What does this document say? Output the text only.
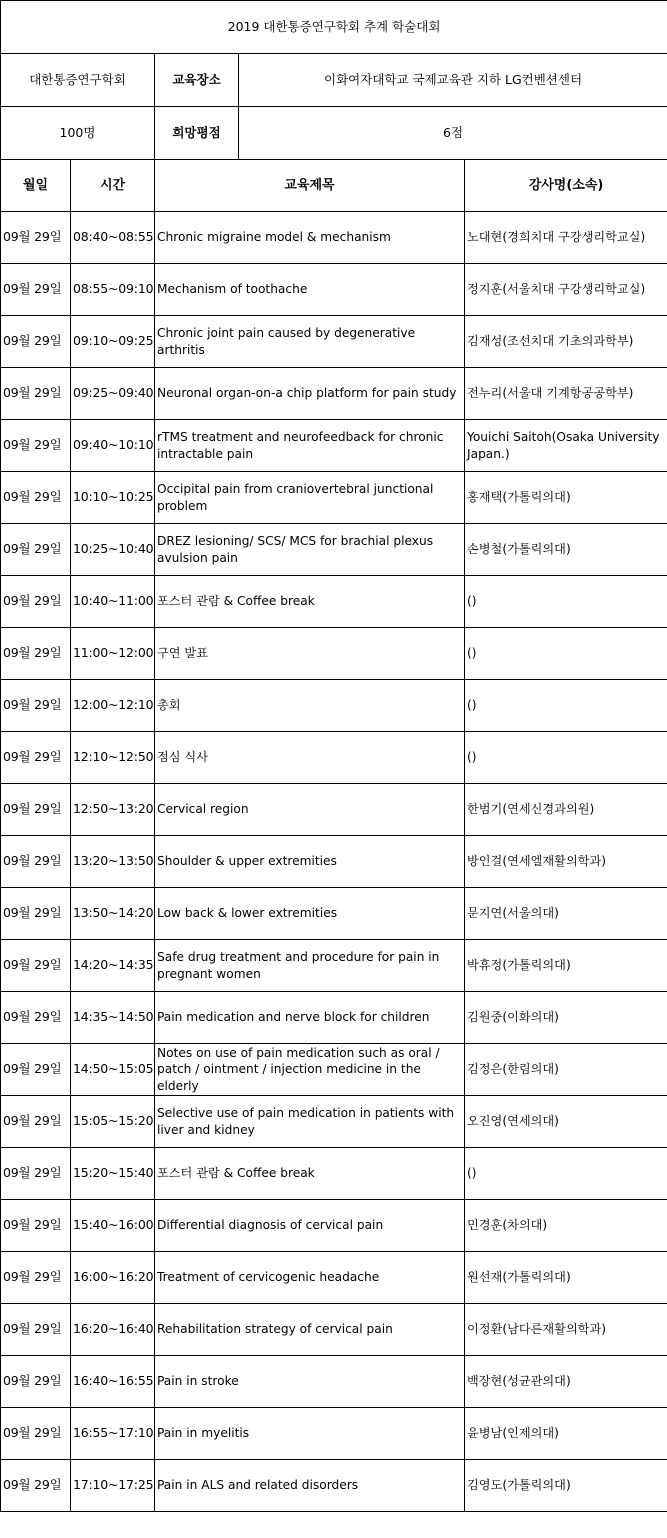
2019 대한통증연구학회 추계 학술대회				
대한통증연구학회		교육장소	이화여자대학교 국제교육관 지하 LG컨벤션센터	
100명		희망평점	6점	
월일	시간	교육제목		강사명(소속)
09월 29일	08:40~08:55	Chronic migraine model & mechanism		노대현(경희치대 구강생리학교실)
09월 29일	08:55~09:10	Mechanism of toothache		정지훈(서울치대 구강생리학교실)
09월 29일	09:10~09:25	Chronic joint pain caused by degenerative arthritis		김재성(조선치대 기초의과학부)
09월 29일	09:25~09:40	Neuronal organ-on-a chip platform for pain study		전누리(서울대 기계항공공학부)
09월 29일	09:40~10:10	rTMS treatment and neurofeedback for chronic intractable pain		Youichi Saitoh(Osaka University Japan.)
09월 29일	10:10~10:25	Occipital pain from craniovertebral junctional problem		홍재택(가톨릭의대)
09월 29일	10:25~10:40	DREZ lesioning/ SCS/ MCS for brachial plexus avulsion pain		손병철(가톨릭의대)
09월 29일	10:40~11:00	포스터 관람 & Coffee break		()
09월 29일	11:00~12:00	구연 발표		()
09월 29일	12:00~12:10	총회		()
09월 29일	12:10~12:50	점심 식사		()
09월 29일	12:50~13:20	Cervical region		한범기(연세신경과의원)
09월 29일	13:20~13:50	Shoulder & upper extremities		방인걸(연세엘재활의학과)
09월 29일	13:50~14:20	Low back & lower extremities		문지연(서울의대)
09월 29일	14:20~14:35	Safe drug treatment and procedure for pain in pregnant women		박휴정(가톨릭의대)
09월 29일	14:35~14:50	Pain medication and nerve block for children		김원중(이화의대)
09월 29일	14:50~15:05	Notes on use of pain medication such as oral / patch / ointment / injection medicine in the elderly		김정은(한림의대)
09월 29일	15:05~15:20	Selective use of pain medication in patients with liver and kidney		오진영(연세의대)
09월 29일	15:20~15:40	포스터 관람 & Coffee break		()
09월 29일	15:40~16:00	Differential diagnosis of cervical pain		민경훈(차의대)
09월 29일	16:00~16:20	Treatment of cervicogenic headache		원선재(가톨릭의대)
09월 29일	16:20~16:40	Rehabilitation strategy of cervical pain		이정환(남다른재활의학과)
09월 29일	16:40~16:55	Pain in stroke		백장현(성균관의대)
09월 29일	16:55~17:10	Pain in myelitis		윤병남(인제의대)
09월 29일	17:10~17:25	Pain in ALS and related disorders		김영도(가톨릭의대)
